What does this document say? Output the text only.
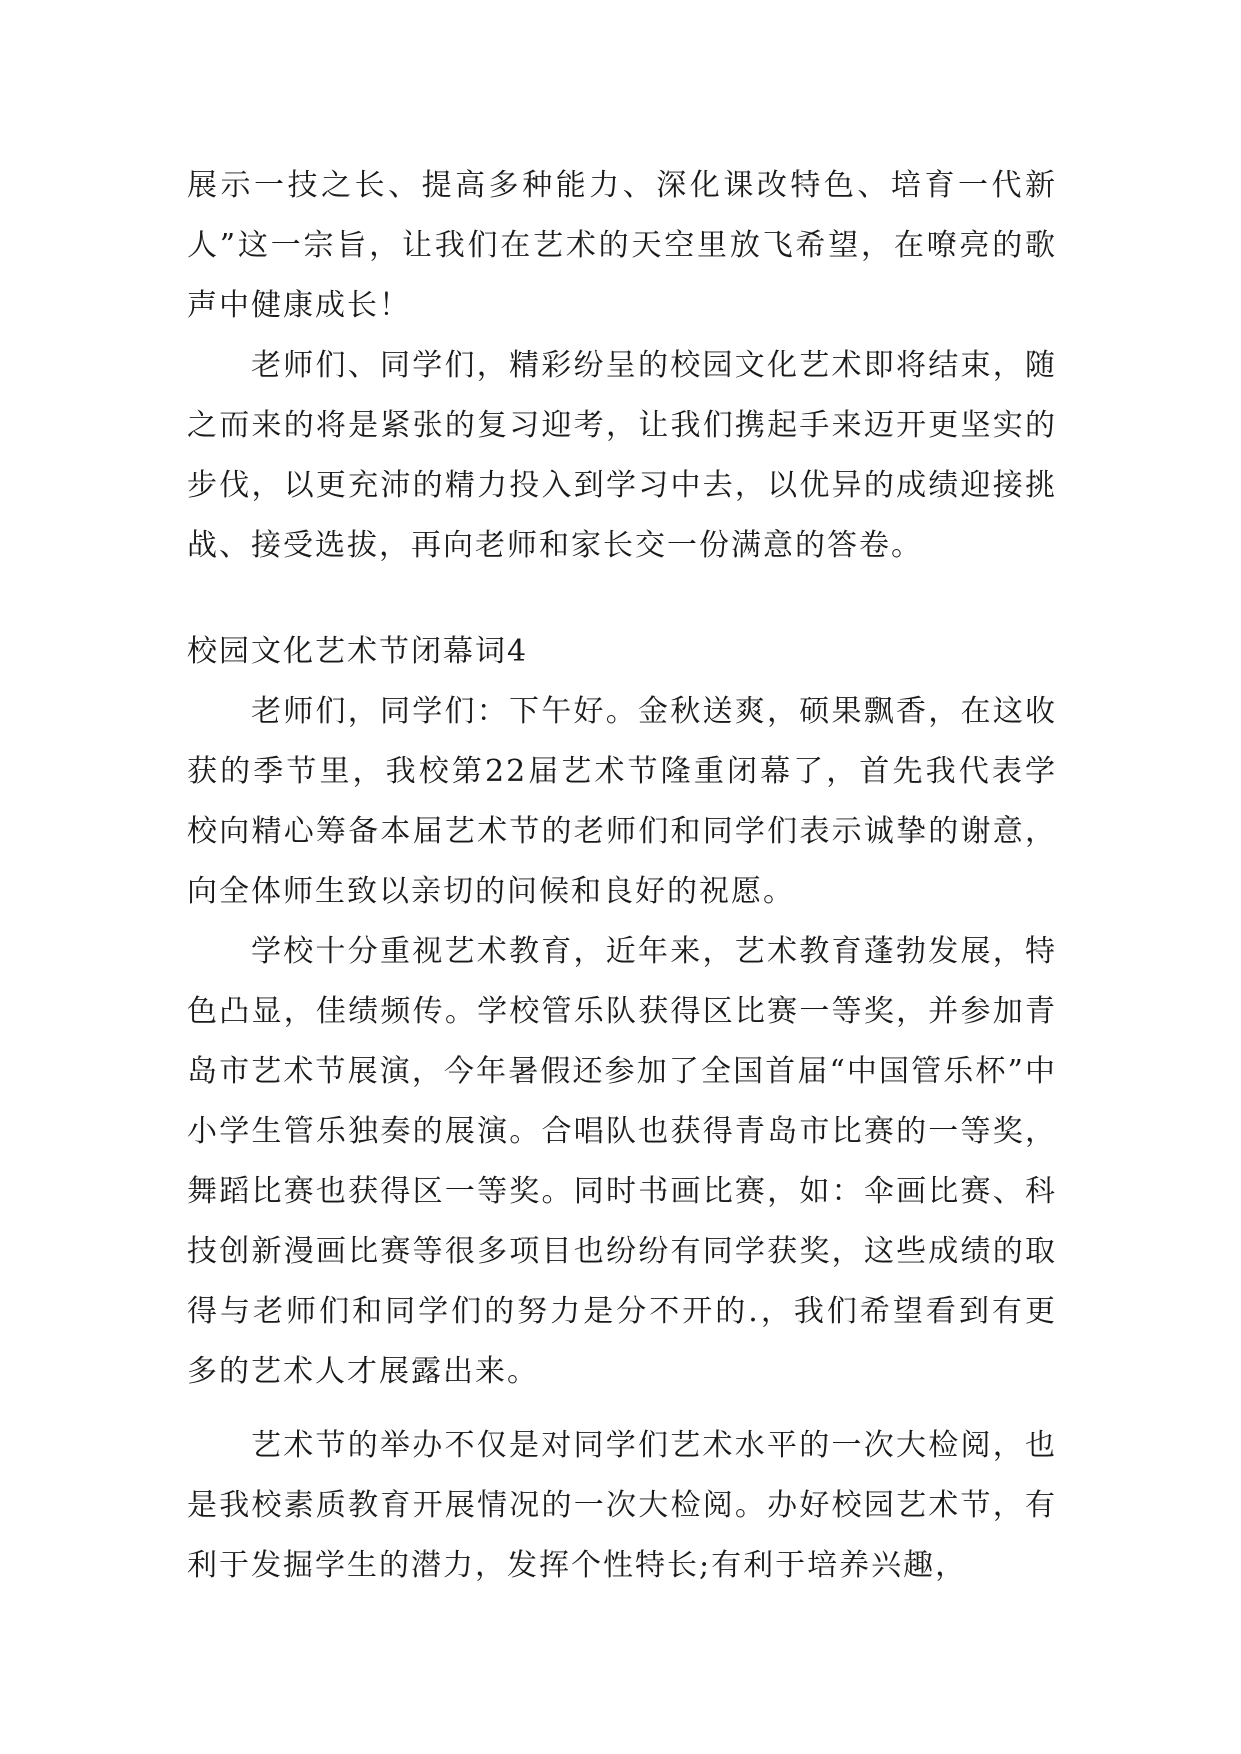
展示一技之长、提高多种能力、深化课改特色、培育一代新人”这一宗旨，让我们在艺术的天空里放飞希望，在嘹亮的歌声中健康成长！

老师们、同学们，精彩纷呈的校园文化艺术即将结束，随之而来的将是紧张的复习迎考，让我们携起手来迈开更坚实的步伐，以更充沛的精力投入到学习中去，以优异的成绩迎接挑战、接受选拔，再向老师和家长交一份满意的答卷。

校园文化艺术节闭幕词4

老师们，同学们：下午好。金秋送爽，硕果飘香，在这收获的季节里，我校第22届艺术节隆重闭幕了，首先我代表学校向精心筹备本届艺术节的老师们和同学们表示诚挚的谢意，向全体师生致以亲切的问候和良好的祝愿。

学校十分重视艺术教育，近年来，艺术教育蓬勃发展，特色凸显，佳绩频传。学校管乐队获得区比赛一等奖，并参加青岛市艺术节展演，今年暑假还参加了全国首届“中国管乐杯”中小学生管乐独奏的展演。合唱队也获得青岛市比赛的一等奖，舞蹈比赛也获得区一等奖。同时书画比赛，如：伞画比赛、科技创新漫画比赛等很多项目也纷纷有同学获奖，这些成绩的取得与老师们和同学们的努力是分不开的.，我们希望看到有更多的艺术人才展露出来。

艺术节的举办不仅是对同学们艺术水平的一次大检阅，也是我校素质教育开展情况的一次大检阅。办好校园艺术节，有利于发掘学生的潜力，发挥个性特长;有利于培养兴趣，
